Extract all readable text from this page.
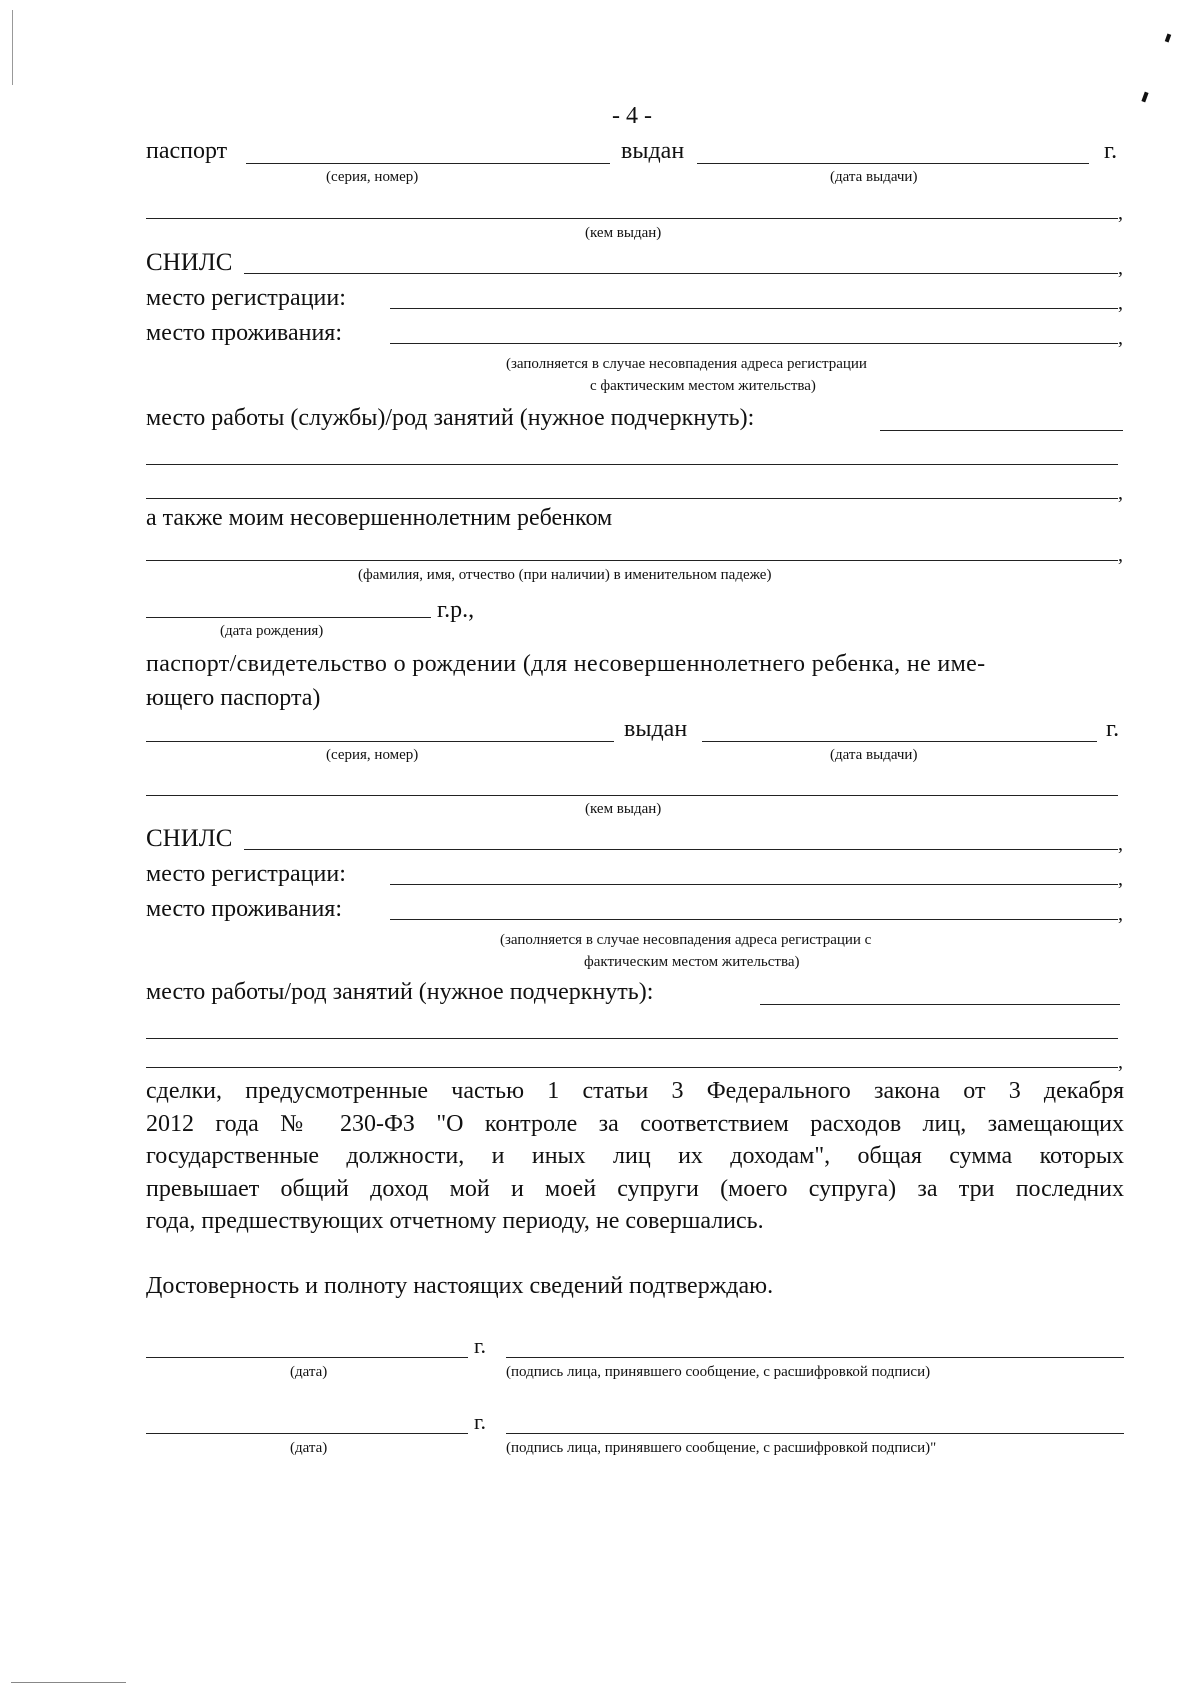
- 4 -
паспорт	выдан	г.
(серия, номер)	(дата выдачи)
,
(кем выдан)
СНИЛС	,
место регистрации:	,
место проживания:	,
(заполняется в случае несовпадения адреса регистрации
с фактическим местом жительства)
место работы (службы)/род занятий (нужное подчеркнуть):
,
а также моим несовершеннолетним ребенком
,
(фамилия, имя, отчество (при наличии) в именительном падеже)
г.р.,
(дата рождения)
паспорт/свидетельство о рождении (для несовершеннолетнего ребенка, не име-
ющего паспорта)
выдан	г.
(серия, номер)	(дата выдачи)
(кем выдан)
СНИЛС	,
место регистрации:	,
место проживания:	,
(заполняется в случае несовпадения адреса регистрации с
фактическим местом жительства)
место работы/род занятий (нужное подчеркнуть):
,
сделки, предусмотренные частью 1 статьи 3 Федерального закона от 3 декабря
2012 года № 230-ФЗ "О контроле за соответствием расходов лиц, замещающих
государственные должности, и иных лиц их доходам", общая сумма которых
превышает общий доход мой и моей супруги (моего супруга) за три последних
года, предшествующих отчетному периоду, не совершались.
Достоверность и полноту настоящих сведений подтверждаю.
г.
(дата)	(подпись лица, принявшего сообщение, с расшифровкой подписи)
г.
(дата)	(подпись лица, принявшего сообщение, с расшифровкой подписи)"
